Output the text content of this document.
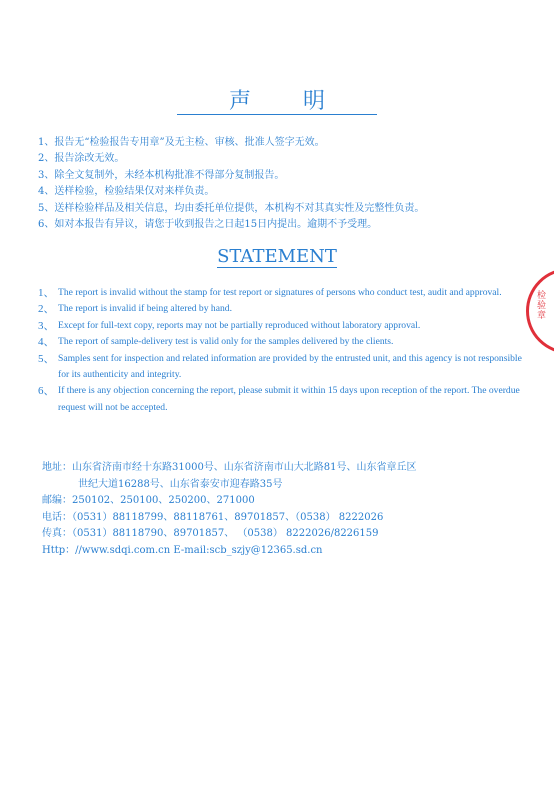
声明
1、报告无“检验报告专用章”及无主检、审核、批准人签字无效。
2、报告涂改无效。
3、除全文复制外，未经本机构批准不得部分复制报告。
4、送样检验，检验结果仅对来样负责。
5、送样检验样品及相关信息，均由委托单位提供，本机构不对其真实性及完整性负责。
6、如对本报告有异议，请您于收到报告之日起15日内提出。逾期不予受理。
STATEMENT
1、 The report is invalid without the stamp for test report or signatures of persons who conduct test, audit and approval.
2、 The report is invalid if being altered by hand.
3、 Except for full-text copy, reports may not be partially reproduced without laboratory approval.
4、 The report of sample-delivery test is valid only for the samples delivered by the clients.
5、 Samples sent for inspection and related information are provided by the entrusted unit, and this agency is not responsible for its authenticity and integrity.
6、 If there is any objection concerning the report, please submit it within 15 days upon reception of the report. The overdue request will not be accepted.
地址：山东省济南市经十东路31000号、山东省济南市山大北路81号、山东省章丘区
世纪大道16288号、山东省泰安市迎春路35号
邮编：250102、250100、250200、271000
电话：（0531）88118799、88118761、89701857、（0538） 8222026
传真：（0531）88118790、89701857、 （0538） 8222026/8226159
Http：//www.sdqi.com.cn E-mail:scb_szjy@12365.sd.cn
检验章
